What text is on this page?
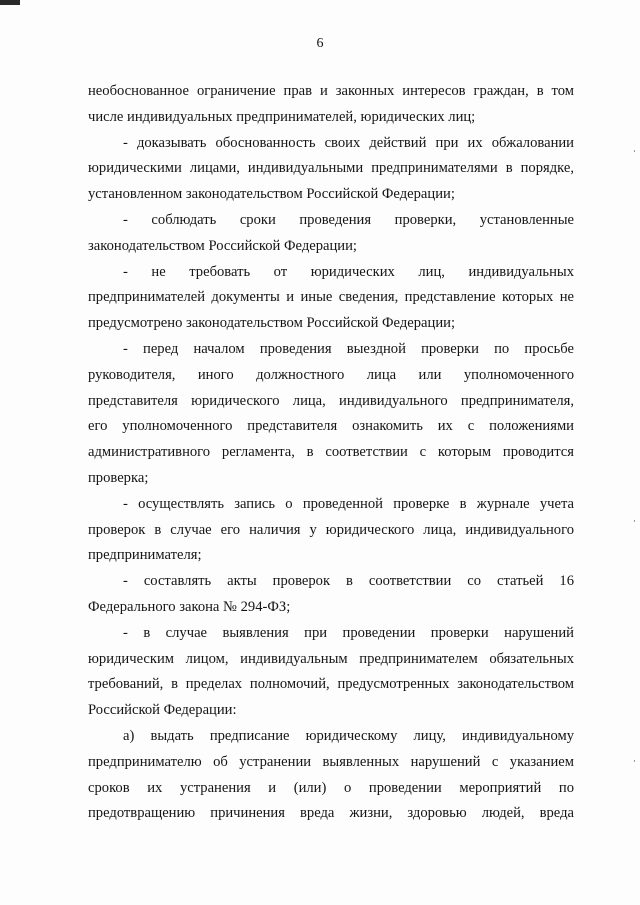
6
необоснованное ограничение прав и законных интересов граждан, в том
числе индивидуальных предпринимателей, юридических лиц;
- доказывать обоснованность своих действий при их обжаловании
юридическими лицами, индивидуальными предпринимателями в порядке,
установленном законодательством Российской Федерации;
- соблюдать сроки проведения проверки, установленные
законодательством Российской Федерации;
- не требовать от юридических лиц, индивидуальных
предпринимателей документы и иные сведения, представление которых не
предусмотрено законодательством Российской Федерации;
- перед началом проведения выездной проверки по просьбе
руководителя, иного должностного лица или уполномоченного
представителя юридического лица, индивидуального предпринимателя,
его уполномоченного представителя ознакомить их с положениями
административного регламента, в соответствии с которым проводится
проверка;
- осуществлять запись о проведенной проверке в журнале учета
проверок в случае его наличия у юридического лица, индивидуального
предпринимателя;
- составлять акты проверок в соответствии со статьей 16
Федерального закона № 294-ФЗ;
- в случае выявления при проведении проверки нарушений
юридическим лицом, индивидуальным предпринимателем обязательных
требований, в пределах полномочий, предусмотренных законодательством
Российской Федерации:
а) выдать предписание юридическому лицу, индивидуальному
предпринимателю об устранении выявленных нарушений с указанием
сроков их устранения и (или) о проведении мероприятий по
предотвращению причинения вреда жизни, здоровью людей, вреда
